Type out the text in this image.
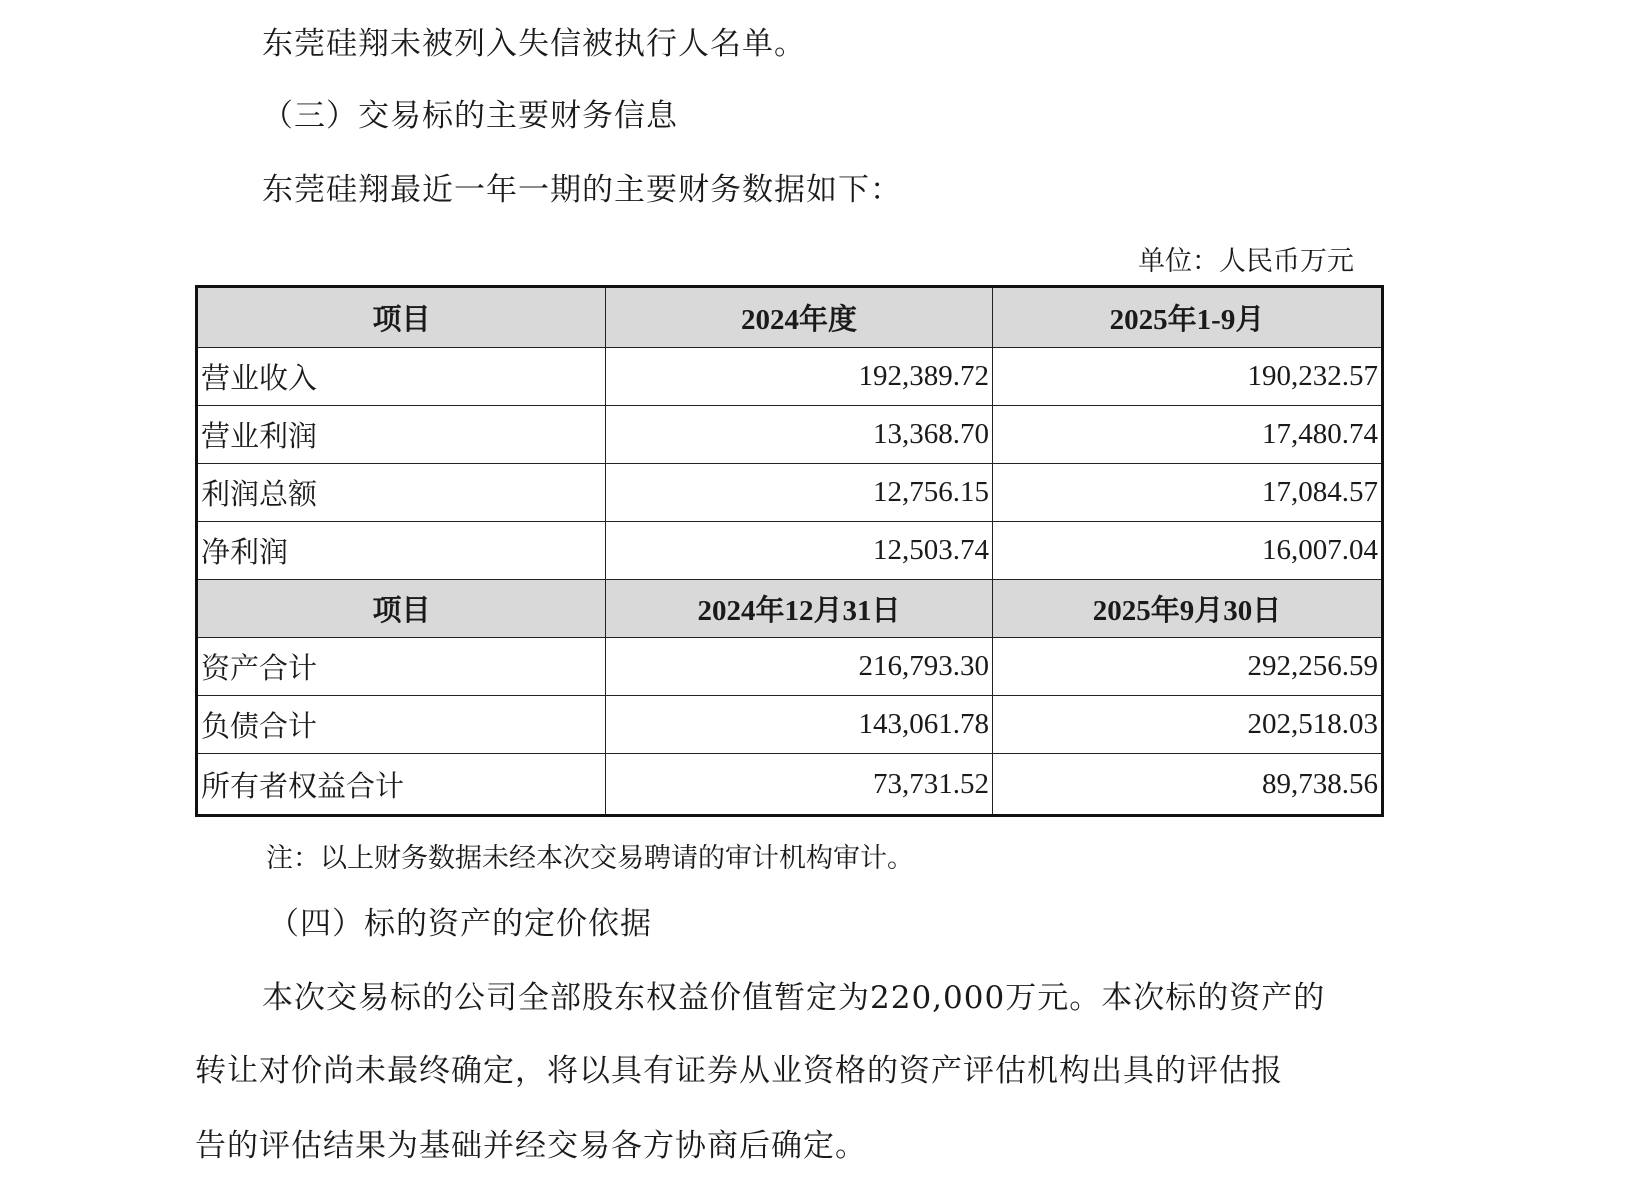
东莞硅翔未被列入失信被执行人名单。
（三）交易标的主要财务信息
东莞硅翔最近一年一期的主要财务数据如下：
单位：人民币万元
项目	2024年度	2025年1-9月
营业收入	192,389.72	190,232.57
营业利润	13,368.70	17,480.74
利润总额	12,756.15	17,084.57
净利润	12,503.74	16,007.04
项目	2024年12月31日	2025年9月30日
资产合计	216,793.30	292,256.59
负债合计	143,061.78	202,518.03
所有者权益合计	73,731.52	89,738.56
注：以上财务数据未经本次交易聘请的审计机构审计。
（四）标的资产的定价依据
本次交易标的公司全部股东权益价值暂定为220,000万元。本次标的资产的
转让对价尚未最终确定，将以具有证券从业资格的资产评估机构出具的评估报
告的评估结果为基础并经交易各方协商后确定。
